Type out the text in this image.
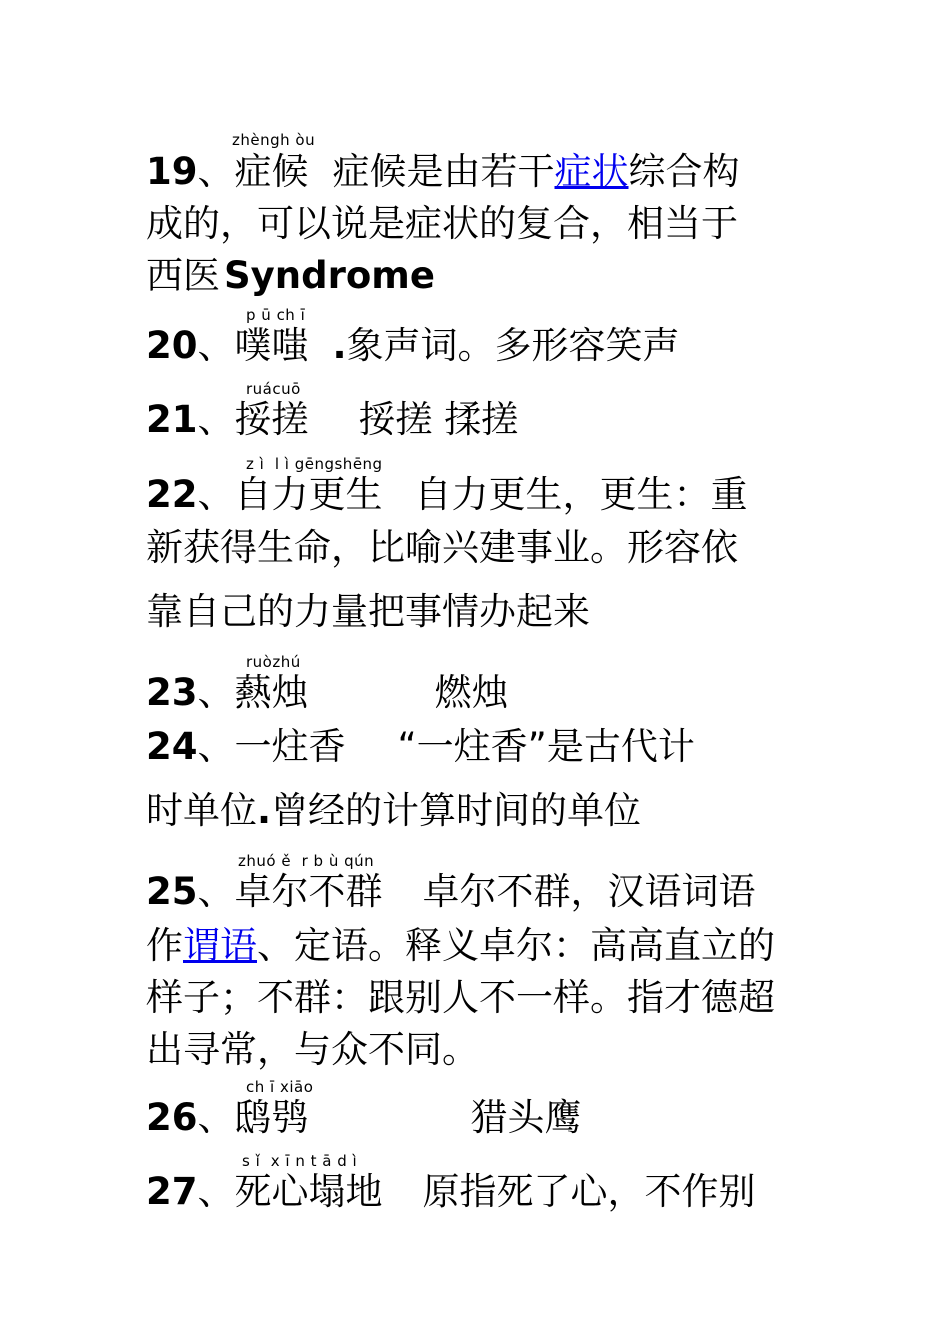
zhèngh òu
19、症候 症候是由若干症状综合构
成的，可以说是症状的复合，相当于
西医 Syndrome
p ū ch ī
20、噗嗤 .象声词。多形容笑声
ruácuō
21、挼搓 挼搓 揉搓
z ì  l ì gēngshēng
22、自力更生 自力更生，更生：重
新获得生命，比喻兴建事业。形容依
靠自己的力量把事情办起来
ruòzhú
23、爇烛	燃烛
24、一炷香 “一炷香”是古代计
时单位.曾经的计算时间的单位
zhuó ě  r b ù qún
25、卓尔不群 卓尔不群，汉语词语
作谓语、定语。释义卓尔：高高直立的
样子；不群：跟别人不一样。指才德超
出寻常，与众不同。
ch ī xiāo
26、鸱鸮	猎头鹰
s ǐ  x ī n t ā d ì
27、死心塌地 原指死了心，不作别
